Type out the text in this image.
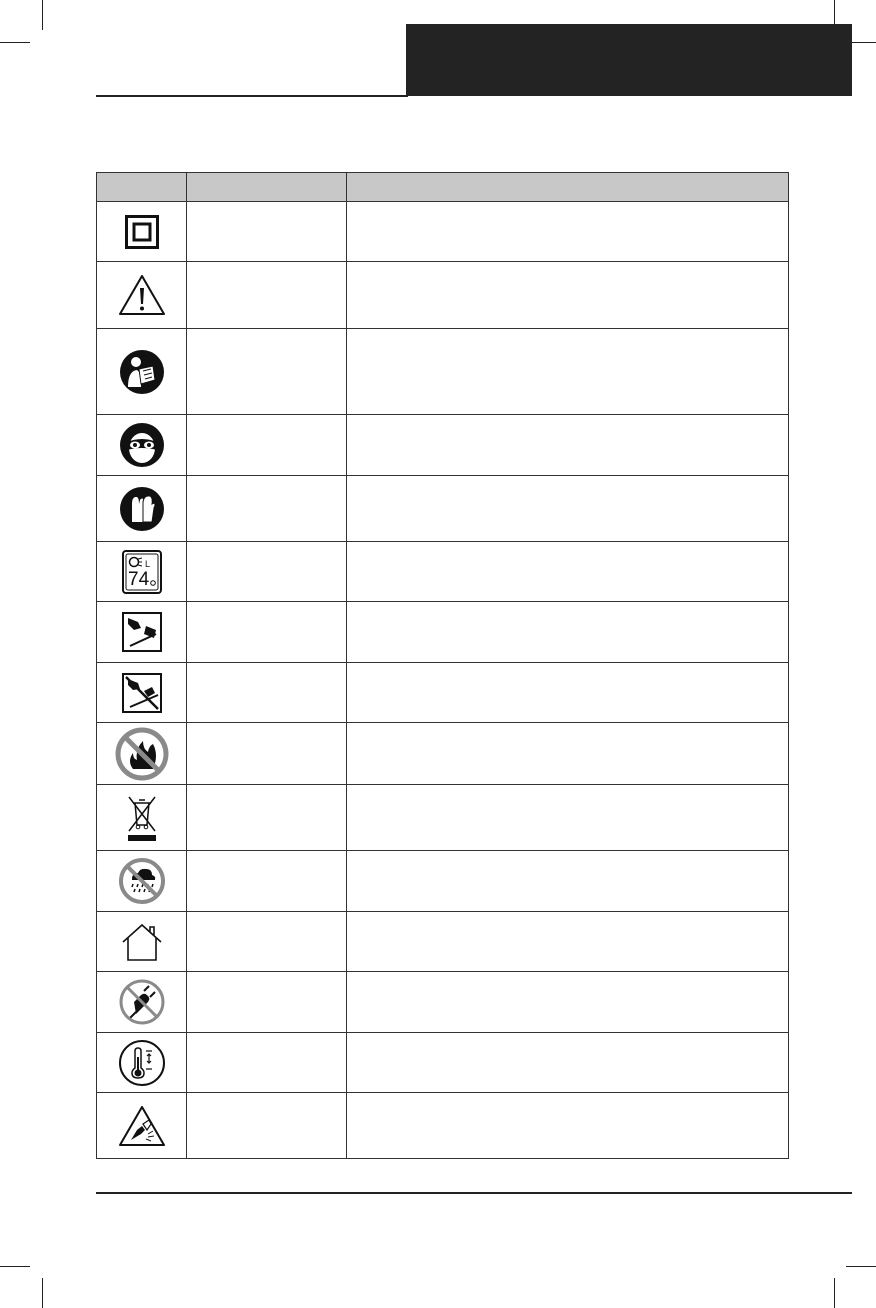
L
74		
